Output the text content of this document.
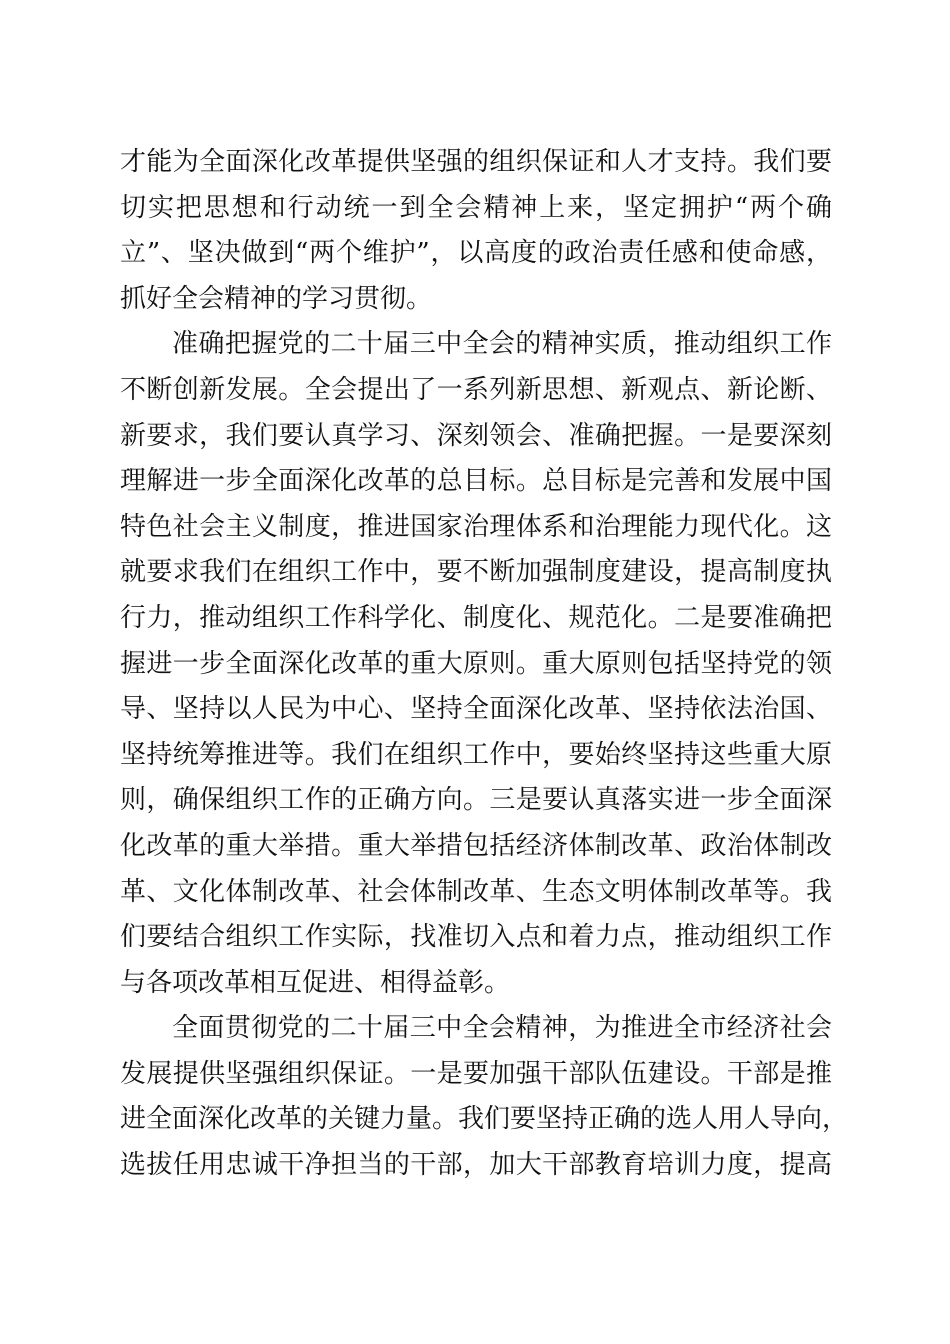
才能为全面深化改革提供坚强的组织保证和人才支持。我们要
切实把思想和行动统一到全会精神上来，坚定拥护“两个确
立”、坚决做到“两个维护”，以高度的政治责任感和使命感，
抓好全会精神的学习贯彻。
准确把握党的二十届三中全会的精神实质，推动组织工作
不断创新发展。全会提出了一系列新思想、新观点、新论断、
新要求，我们要认真学习、深刻领会、准确把握。一是要深刻
理解进一步全面深化改革的总目标。总目标是完善和发展中国
特色社会主义制度，推进国家治理体系和治理能力现代化。这
就要求我们在组织工作中，要不断加强制度建设，提高制度执
行力，推动组织工作科学化、制度化、规范化。二是要准确把
握进一步全面深化改革的重大原则。重大原则包括坚持党的领
导、坚持以人民为中心、坚持全面深化改革、坚持依法治国、
坚持统筹推进等。我们在组织工作中，要始终坚持这些重大原
则，确保组织工作的正确方向。三是要认真落实进一步全面深
化改革的重大举措。重大举措包括经济体制改革、政治体制改
革、文化体制改革、社会体制改革、生态文明体制改革等。我
们要结合组织工作实际，找准切入点和着力点，推动组织工作
与各项改革相互促进、相得益彰。
全面贯彻党的二十届三中全会精神，为推进全市经济社会
发展提供坚强组织保证。一是要加强干部队伍建设。干部是推
进全面深化改革的关键力量。我们要坚持正确的选人用人导向，
选拔任用忠诚干净担当的干部，加大干部教育培训力度，提高
